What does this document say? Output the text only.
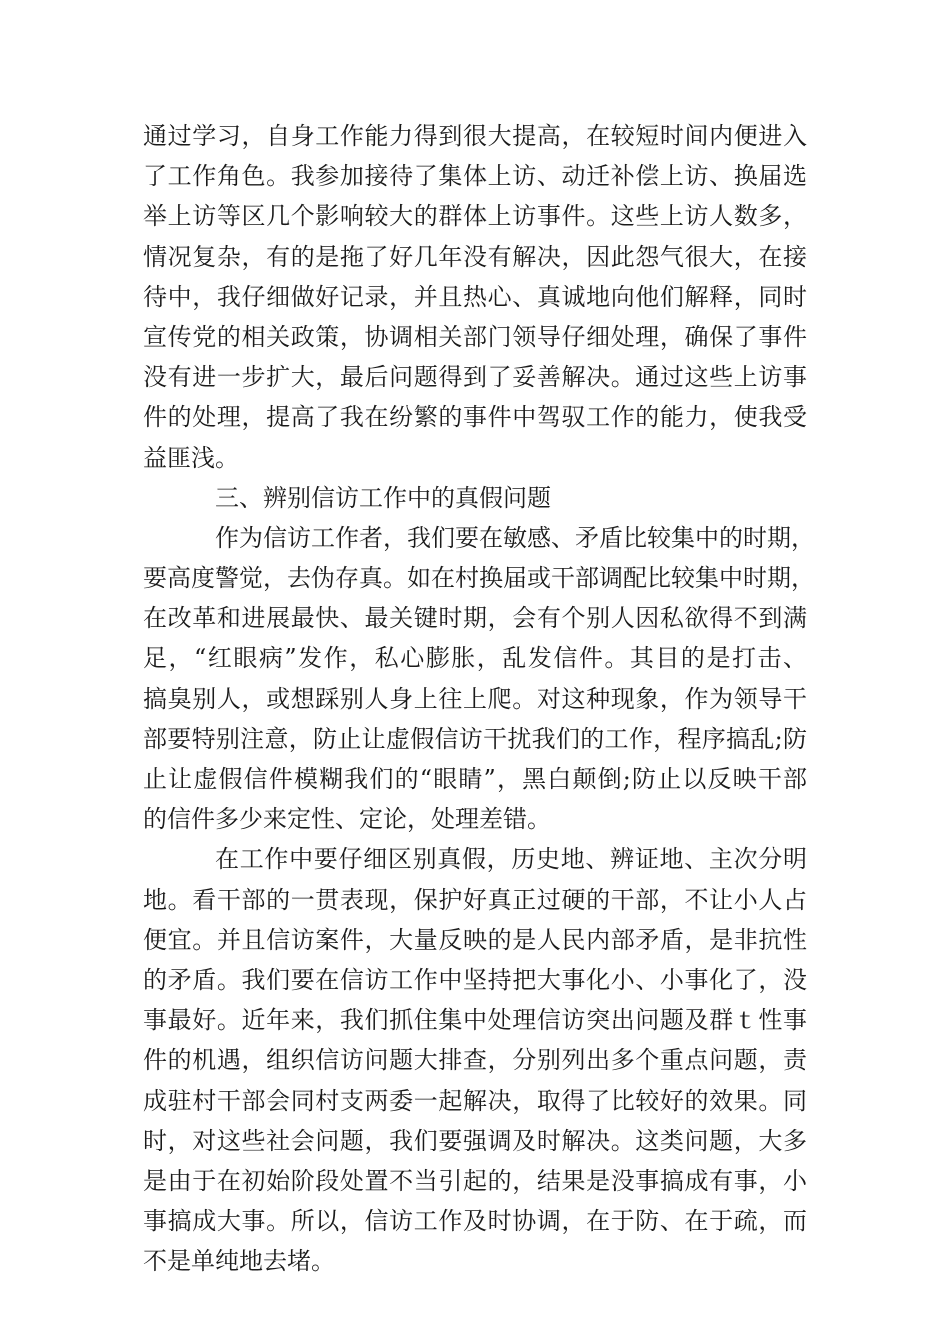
通过学习，自身工作能力得到很大提高，在较短时间内便进入
了工作角色。我参加接待了集体上访、动迁补偿上访、换届选
举上访等区几个影响较大的群体上访事件。这些上访人数多，
情况复杂，有的是拖了好几年没有解决，因此怨气很大，在接
待中，我仔细做好记录，并且热心、真诚地向他们解释，同时
宣传党的相关政策，协调相关部门领导仔细处理，确保了事件
没有进一步扩大，最后问题得到了妥善解决。通过这些上访事
件的处理，提高了我在纷繁的事件中驾驭工作的能力，使我受
益匪浅。
三、辨别信访工作中的真假问题
作为信访工作者，我们要在敏感、矛盾比较集中的时期，
要高度警觉，去伪存真。如在村换届或干部调配比较集中时期，
在改革和进展最快、最关键时期，会有个别人因私欲得不到满
足，“红眼病”发作，私心膨胀，乱发信件。其目的是打击、
搞臭别人，或想踩别人身上往上爬。对这种现象，作为领导干
部要特别注意，防止让虚假信访干扰我们的工作，程序搞乱;防
止让虚假信件模糊我们的“眼睛”，黑白颠倒;防止以反映干部
的信件多少来定性、定论，处理差错。
在工作中要仔细区别真假，历史地、辨证地、主次分明
地。看干部的一贯表现，保护好真正过硬的干部，不让小人占
便宜。并且信访案件，大量反映的是人民内部矛盾，是非抗性
的矛盾。我们要在信访工作中坚持把大事化小、小事化了，没
事最好。近年来，我们抓住集中处理信访突出问题及群ｔ性事
件的机遇，组织信访问题大排查，分别列出多个重点问题，责
成驻村干部会同村支两委一起解决，取得了比较好的效果。同
时，对这些社会问题，我们要强调及时解决。这类问题，大多
是由于在初始阶段处置不当引起的，结果是没事搞成有事，小
事搞成大事。所以，信访工作及时协调，在于防、在于疏，而
不是单纯地去堵。
